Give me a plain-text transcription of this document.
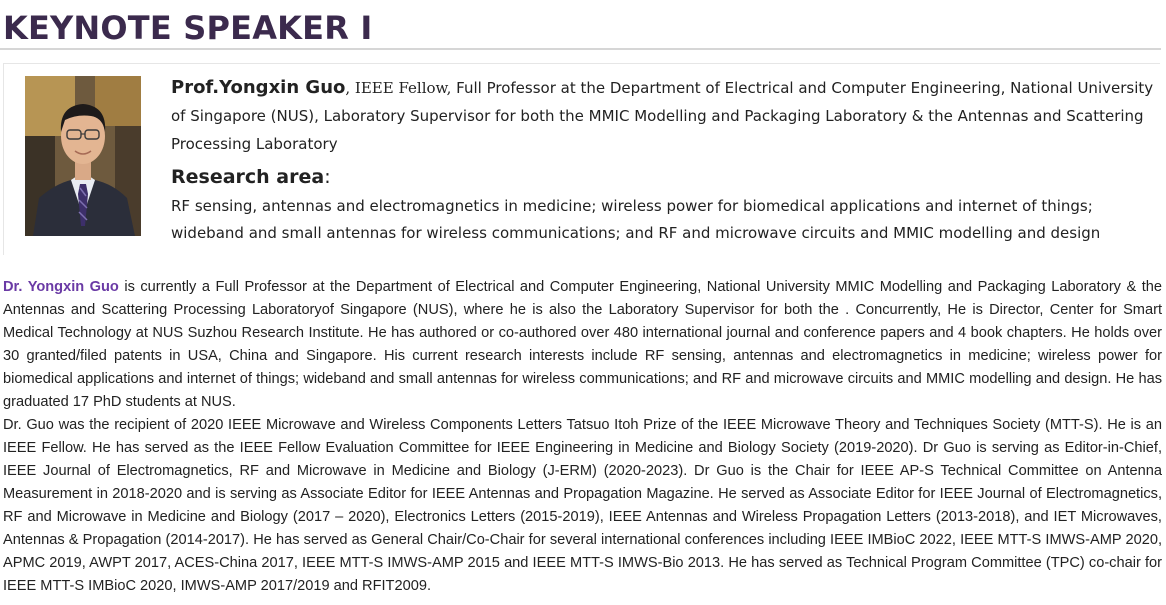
KEYNOTE SPEAKER I
Prof.Yongxin Guo, IEEE Fellow, Full Professor at the Department of Electrical and Computer Engineering, National University of Singapore (NUS), Laboratory Supervisor for both the MMIC Modelling and Packaging Laboratory & the Antennas and Scattering Processing Laboratory
Research area:
RF sensing, antennas and electromagnetics in medicine; wireless power for biomedical applications and internet of things; wideband and small antennas for wireless communications; and RF and microwave circuits and MMIC modelling and design

Dr. Yongxin Guo is currently a Full Professor at the Department of Electrical and Computer Engineering, National University MMIC Modelling and Packaging Laboratory & the Antennas and Scattering Processing Laboratoryof Singapore (NUS), where he is also the Laboratory Supervisor for both the . Concurrently, He is Director, Center for Smart Medical Technology at NUS Suzhou Research Institute. He has authored or co-authored over 480 international journal and conference papers and 4 book chapters. He holds over 30 granted/filed patents in USA, China and Singapore. His current research interests include RF sensing, antennas and electromagnetics in medicine; wireless power for biomedical applications and internet of things; wideband and small antennas for wireless communications; and RF and microwave circuits and MMIC modelling and design. He has graduated 17 PhD students at NUS.

Dr. Guo was the recipient of 2020 IEEE Microwave and Wireless Components Letters Tatsuo Itoh Prize of the IEEE Microwave Theory and Techniques Society (MTT-S). He is an IEEE Fellow. He has served as the IEEE Fellow Evaluation Committee for IEEE Engineering in Medicine and Biology Society (2019-2020). Dr Guo is serving as Editor-in-Chief, IEEE Journal of Electromagnetics, RF and Microwave in Medicine and Biology (J-ERM) (2020-2023). Dr Guo is the Chair for IEEE AP-S Technical Committee on Antenna Measurement in 2018-2020 and is serving as Associate Editor for IEEE Antennas and Propagation Magazine. He served as Associate Editor for IEEE Journal of Electromagnetics, RF and Microwave in Medicine and Biology (2017 – 2020), Electronics Letters (2015-2019), IEEE Antennas and Wireless Propagation Letters (2013-2018), and IET Microwaves, Antennas & Propagation (2014-2017). He has served as General Chair/Co-Chair for several international conferences including IEEE IMBioC 2022, IEEE MTT-S IMWS-AMP 2020, APMC 2019, AWPT 2017, ACES-China 2017, IEEE MTT-S IMWS-AMP 2015 and IEEE MTT-S IMWS-Bio 2013. He has served as Technical Program Committee (TPC) co-chair for IEEE MTT-S IMBioC 2020, IMWS-AMP 2017/2019 and RFIT2009.
